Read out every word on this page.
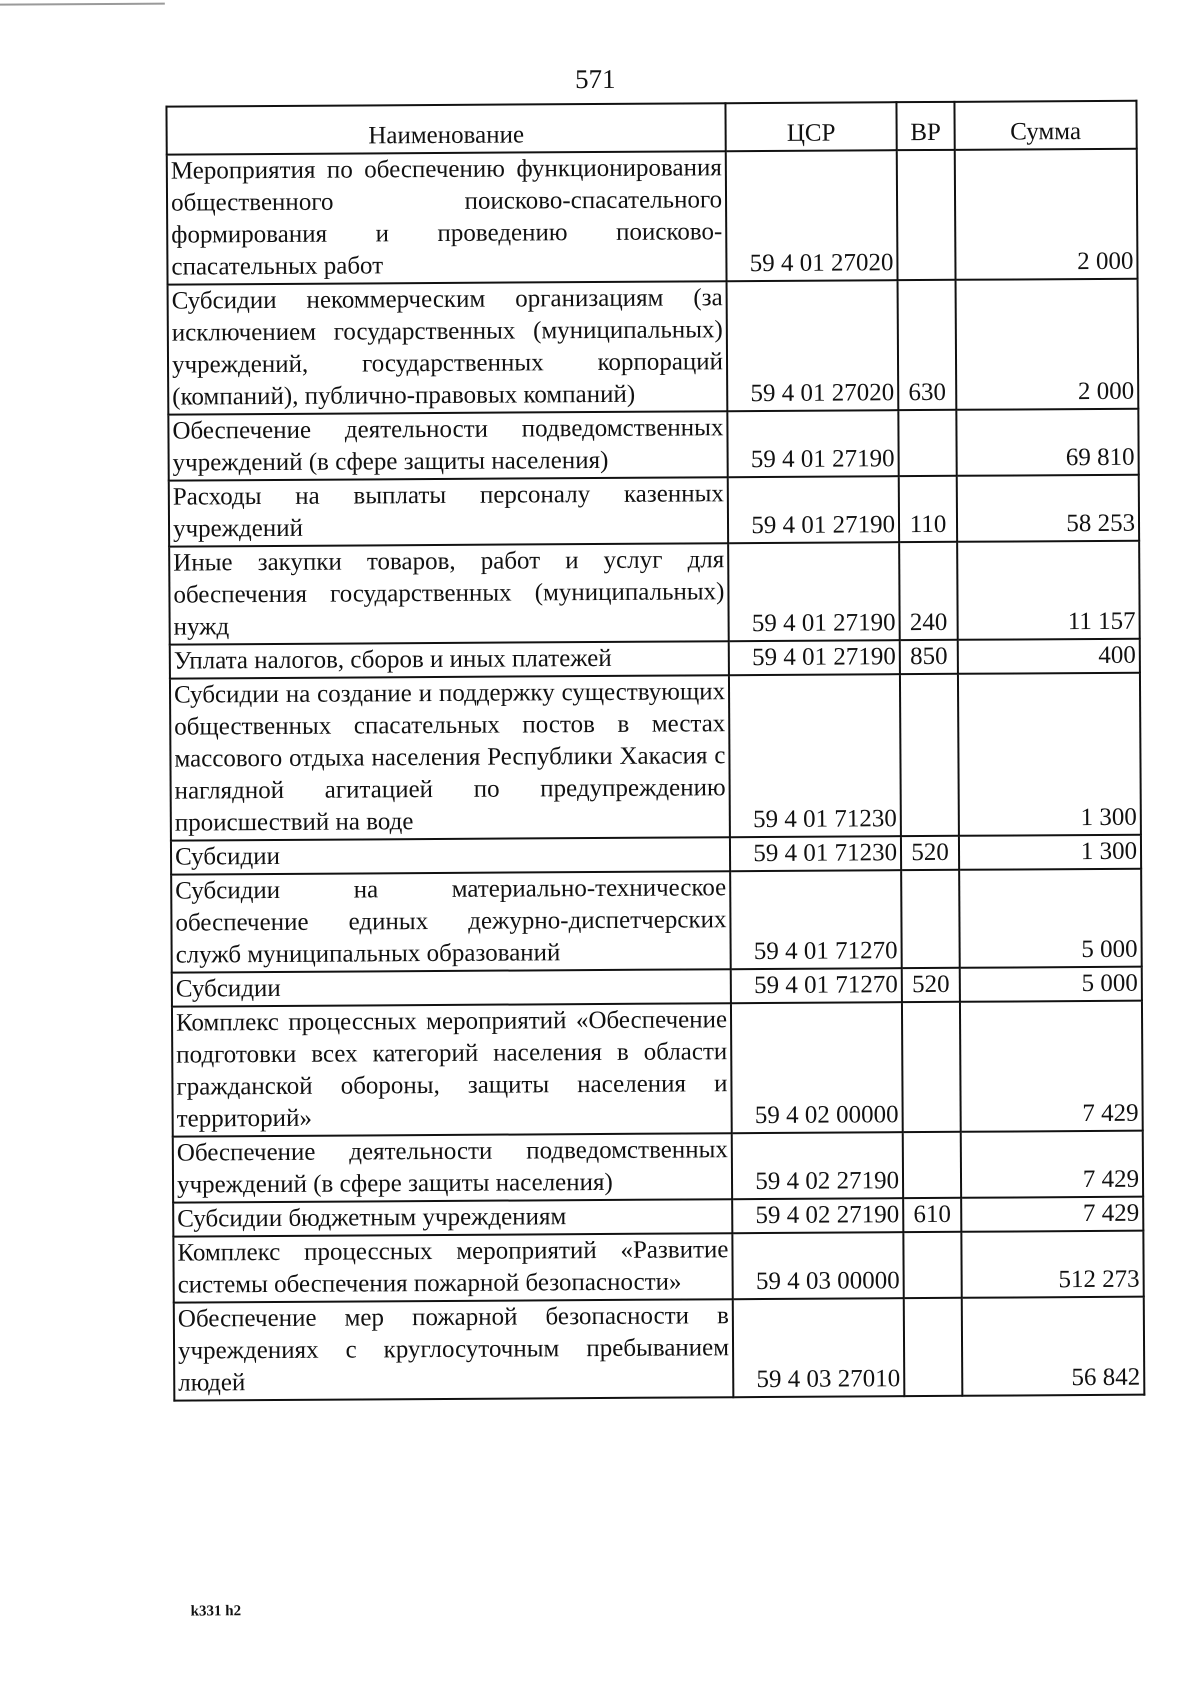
571
Наименование	ЦСР	ВР	Сумма
Мероприятия по обеспечению функционирования общественного поисково-спасательного формирования и проведению поисково-спасательных работ	59 4 01 27020		2 000
Субсидии некоммерческим организациям (за исключением государственных (муниципальных) учреждений, государственных корпораций (компаний), публично-правовых компаний)	59 4 01 27020	630	2 000
Обеспечение деятельности подведомственных учреждений (в сфере защиты населения)	59 4 01 27190		69 810
Расходы на выплаты персоналу казенных учреждений	59 4 01 27190	110	58 253
Иные закупки товаров, работ и услуг для обеспечения государственных (муниципальных) нужд	59 4 01 27190	240	11 157
Уплата налогов, сборов и иных платежей	59 4 01 27190	850	400
Субсидии на создание и поддержку существующих общественных спасательных постов в местах массового отдыха населения Республики Хакасия с наглядной агитацией по предупреждению происшествий на воде	59 4 01 71230		1 300
Субсидии	59 4 01 71230	520	1 300
Субсидии на материально-техническое обеспечение единых дежурно-диспетчерских служб муниципальных образований	59 4 01 71270		5 000
Субсидии	59 4 01 71270	520	5 000
Комплекс процессных мероприятий «Обеспечение подготовки всех категорий населения в области гражданской обороны, защиты населения и территорий»	59 4 02 00000		7 429
Обеспечение деятельности подведомственных учреждений (в сфере защиты населения)	59 4 02 27190		7 429
Субсидии бюджетным учреждениям	59 4 02 27190	610	7 429
Комплекс процессных мероприятий «Развитие системы обеспечения пожарной безопасности»	59 4 03 00000		512 273
Обеспечение мер пожарной безопасности в учреждениях с круглосуточным пребыванием людей	59 4 03 27010		56 842
k331 h2
